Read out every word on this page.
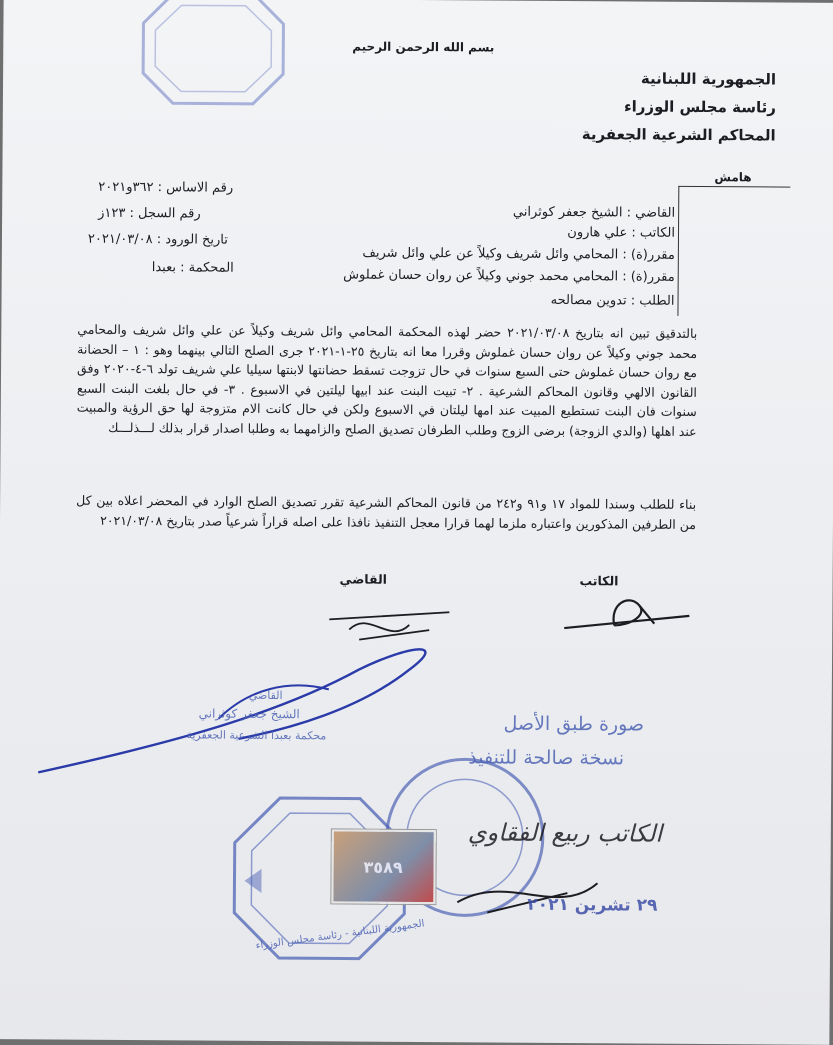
بسم الله الرحمن الرحيم
الجمهورية اللبنانية
رئاسة مجلس الوزراء
المحاكم الشرعية الجعفرية
هامش
رقم الاساس : ٣٦٢و٢٠٢١
رقم السجل : ١٢٣ز
تاريخ الورود : ٢٠٢١/٠٣/٠٨
المحكمة : بعبدا
القاضي : الشيخ جعفر كوثراني
الكاتب : علي هارون
مقرر(ة) : المحامي وائل شريف وكيلاً عن علي وائل شريف
مقرر(ة) : المحامي محمد جوني وكيلاً عن روان حسان غملوش
الطلب : تدوين مصالحه
بالتدقيق تبين انه بتاريخ ٢٠٢١/٠٣/٠٨ حضر لهذه المحكمة المحامي وائل شريف وكيلاً عن علي وائل شريف والمحامي محمد جوني وكيلاً عن روان حسان غملوش وقررا معا انه بتاريخ ٢٥-١-٢٠٢١ جرى الصلح التالي بينهما وهو : ١ – الحضانة مع روان حسان غملوش حتى السبع سنوات في حال تزوجت تسقط حضانتها لابنتها سيليا علي شريف تولد ٦-٤-٢٠٢٠ وفق القانون الالهي وقانون المحاكم الشرعية . ٢- تبيت البنت عند ابيها ليلتين في الاسبوع . ٣- في حال بلغت البنت السبع سنوات فان البنت تستطيع المبيت عند امها ليلتان في الاسبوع ولكن في حال كانت الام متزوجة لها حق الرؤية والمبيت عند اهلها (والدي الزوجة) برضى الزوج وطلب الطرفان تصديق الصلح والزامهما به وطلبا اصدار قرار بذلك لـــذلـــك
بناء للطلب وسندا للمواد ١٧ و٩١ و٢٤٢ من قانون المحاكم الشرعية تقرر تصديق الصلح الوارد في المحضر اعلاه بين كل من الطرفين المذكورين واعتباره ملزما لهما قرارا معجل التنفيذ نافذا على اصله قراراً شرعياً صدر بتاريخ ٢٠٢١/٠٣/٠٨
الكاتب
القاضي
القاضي
الشيخ جعفر كوثراني
محكمة بعبدا الشرعية الجعفرية	صورة طبق الأصل
نسخة صالحة للتنفيذ
الجمهورية اللبنانية - رئاسة مجلس الوزراء
٣٥٨٩
الكاتب ربيع الفقاوي
٢٩ تشرين ٢٠٢١
